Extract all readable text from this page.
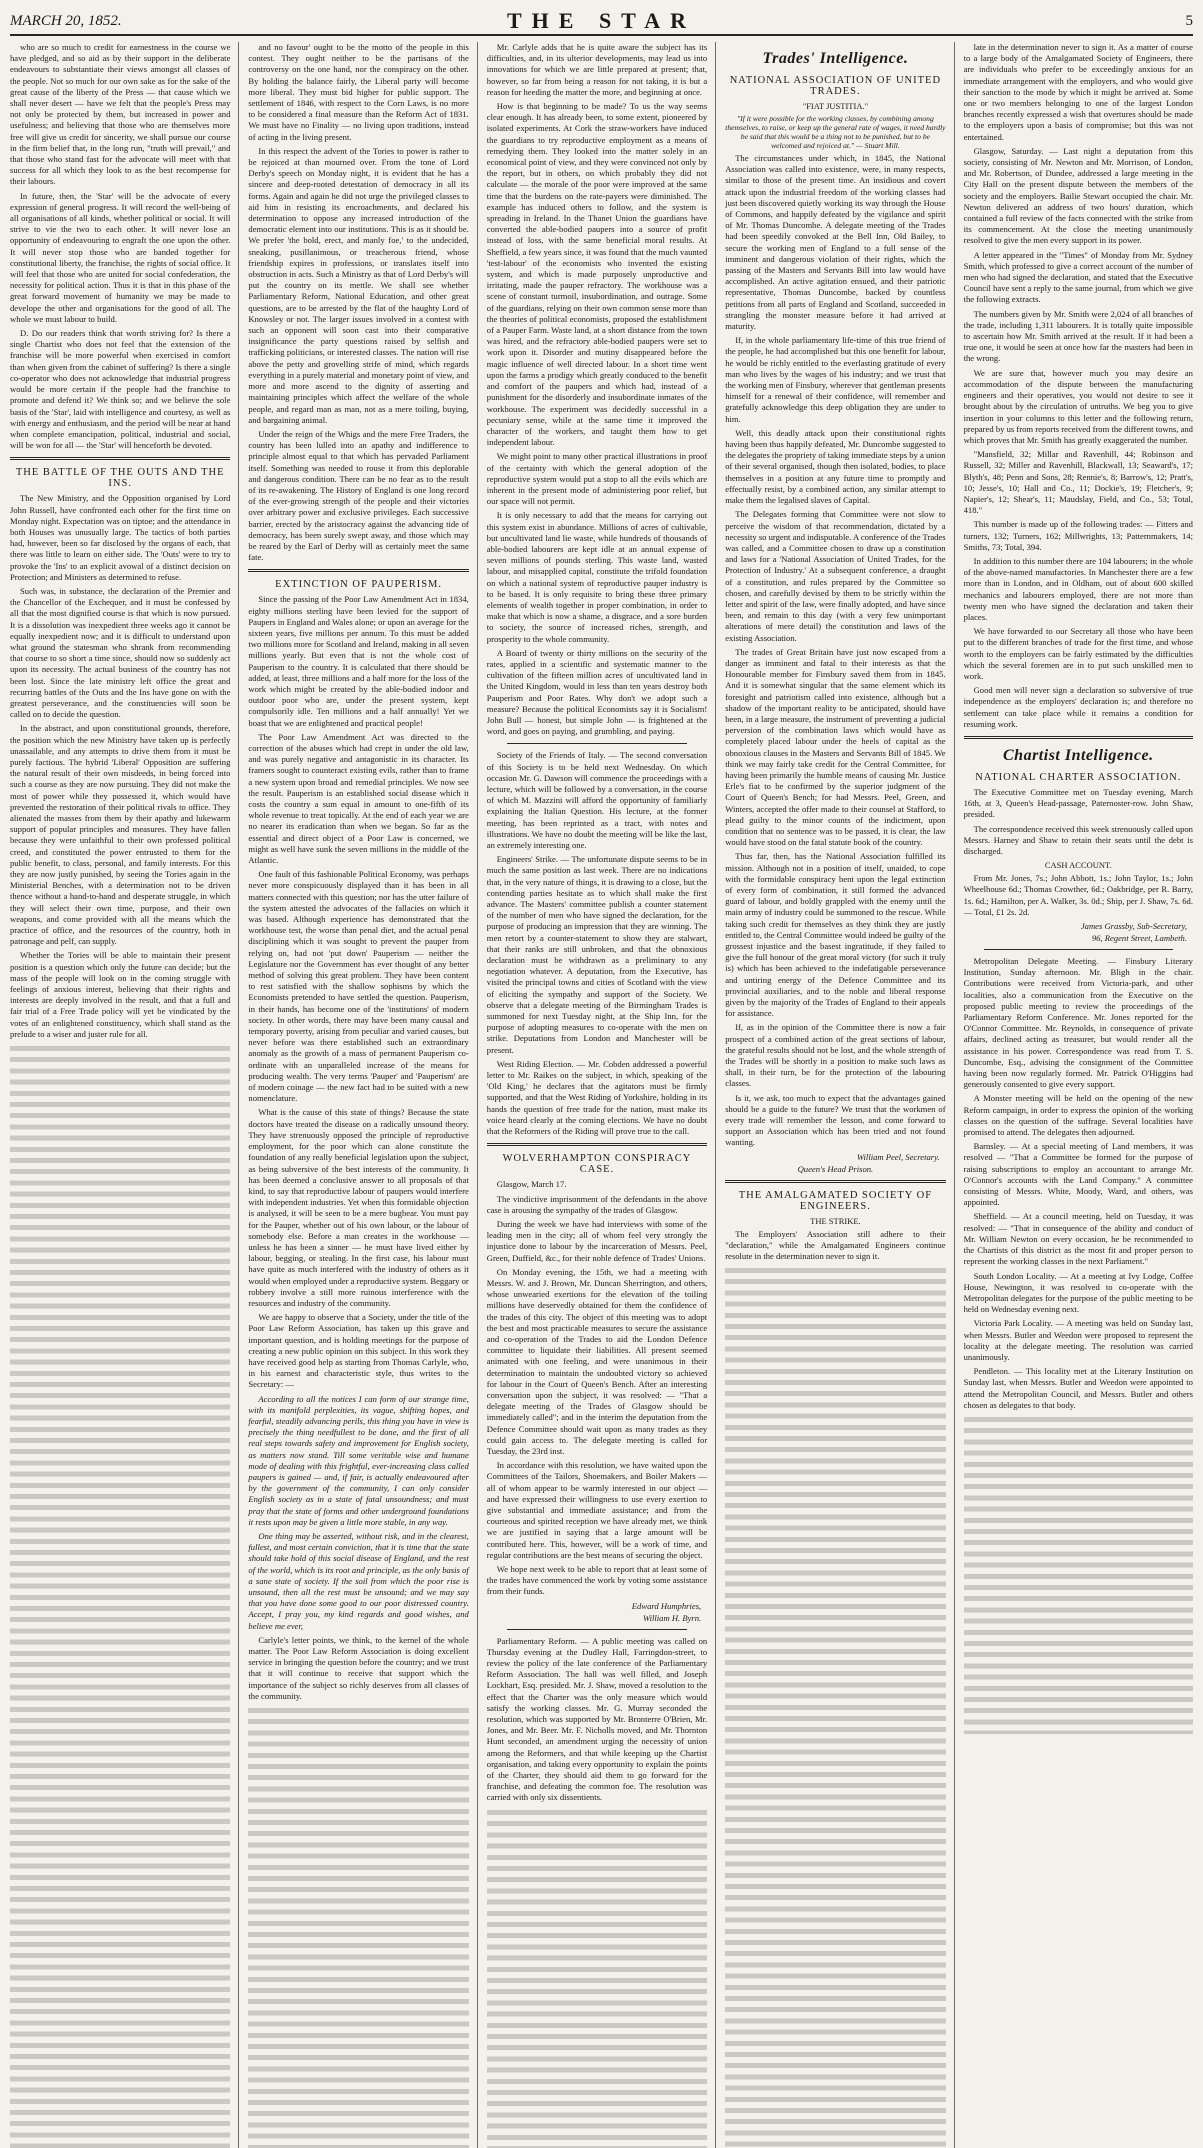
MARCH 20, 1852.	THE STAR	5

who are so much to credit for earnestness in the course we have pledged, and so aid as by their support in the deliberate endeavours to substantiate their views amongst all classes of the people. Not so much for our own sake as for the sake of the great cause of the liberty of the Press — that cause which we shall never desert — have we felt that the people's Press may not only be protected by them, but increased in power and usefulness; and believing that those who are themselves more free will give us credit for sincerity, we shall pursue our course in the firm belief that, in the long run, "truth will prevail," and that those who stand fast for the advocate will meet with that success for all which they look to as the best recompense for their labours.

In future, then, the 'Star' will be the advocate of every expression of general progress. It will record the well-being of all organisations of all kinds, whether political or social. It will strive to vie the two to each other. It will never lose an opportunity of endeavouring to engraft the one upon the other. It will never stop those who are banded together for constitutional liberty, the franchise, the rights of social office. It will feel that those who are united for social confederation, the necessity for political action. Thus it is that in this phase of the great forward movement of humanity we may be made to develope the other and organisations for the good of all. The whole we must labour to build.

D. Do our readers think that worth striving for? Is there a single Chartist who does not feel that the extension of the franchise will be more powerful when exercised in comfort than when given from the cabinet of suffering? Is there a single co-operator who does not acknowledge that industrial progress would be more certain if the people had the franchise to promote and defend it? We think so; and we believe the sole basis of the 'Star', laid with intelligence and courtesy, as well as with energy and enthusiasm, and the period will be near at hand when complete emancipation, political, industrial and social, will be won for all — the 'Star' will henceforth be devoted.

THE BATTLE OF THE OUTS AND THE INS.

The New Ministry, and the Opposition organised by Lord John Russell, have confronted each other for the first time on Monday night. Expectation was on tiptoe; and the attendance in both Houses was unusually large. The tactics of both parties had, however, been so far disclosed by the organs of each, that there was little to learn on either side. The 'Outs' were to try to provoke the 'Ins' to an explicit avowal of a distinct decision on Protection; and Ministers as determined to refuse.

Such was, in substance, the declaration of the Premier and the Chancellor of the Exchequer, and it must be confessed by all that the most dignified course is that which is now pursued. It is a dissolution was inexpedient three weeks ago it cannot be equally inexpedient now; and it is difficult to understand upon what ground the statesman who shrank from recommending that course to so short a time since, should now so suddenly act upon its necessity. The actual business of the country has not been lost. Since the late ministry left office the great and recurring battles of the Outs and the Ins have gone on with the greatest perseverance, and the constituencies will soon be called on to decide the question.

In the abstract, and upon constitutional grounds, therefore, the position which the new Ministry have taken up is perfectly unassailable, and any attempts to drive them from it must be purely factious. The hybrid 'Liberal' Opposition are suffering the natural result of their own misdeeds, in being forced into such a course as they are now pursuing. They did not make the most of power while they possessed it, which would have prevented the restoration of their political rivals to office. They alienated the masses from them by their apathy and lukewarm support of popular principles and measures. They have fallen because they were unfaithful to their own professed political creed, and constituted the power entrusted to them for the public benefit, to class, personal, and family interests. For this they are now justly punished, by seeing the Tories again in the Ministerial Benches, with a determination not to be driven thence without a hand-to-hand and desperate struggle, in which they will select their own time, purpose, and their own weapons, and come provided with all the means which the practice of office, and the resources of the country, both in patronage and pelf, can supply.

Whether the Tories will be able to maintain their present position is a question which only the future can decide; but the mass of the people will look on in the coming struggle with feelings of anxious interest, believing that their rights and interests are deeply involved in the result, and that a full and fair trial of a Free Trade policy will yet be vindicated by the votes of an enlightened constituency, which shall stand as the prelude to a wiser and juster rule for all.

and no favour' ought to be the motto of the people in this contest. They ought neither to be the partisans of the controversy on the one hand, nor the conspiracy on the other. By holding the balance fairly, the Liberal party will become more liberal. They must bid higher for public support. The settlement of 1846, with respect to the Corn Laws, is no more to be considered a final measure than the Reform Act of 1831. We must have no Finality — no living upon traditions, instead of acting in the living present.

In this respect the advent of the Tories to power is rather to be rejoiced at than mourned over. From the tone of Lord Derby's speech on Monday night, it is evident that he has a sincere and deep-rooted detestation of democracy in all its forms. Again and again he did not urge the privileged classes to aid him in resisting its encroachments, and declared his determination to oppose any increased introduction of the democratic element into our institutions. This is as it should be. We prefer 'the bold, erect, and manly foe,' to the undecided, sneaking, pusillanimous, or treacherous friend, whose friendship expires in professions, or translates itself into obstruction in acts. Such a Ministry as that of Lord Derby's will put the country on its mettle. We shall see whether Parliamentary Reform, National Education, and other great questions, are to be arrested by the flat of the haughty Lord of Knowsley or not. The larger issues involved in a contest with such an opponent will soon cast into their comparative insignificance the party questions raised by selfish and trafficking politicians, or interested classes. The nation will rise above the petty and grovelling strife of mind, which regards everything in a purely material and monetary point of view, and more and more ascend to the dignity of asserting and maintaining principles which affect the welfare of the whole people, and regard man as man, not as a mere toiling, buying, and bargaining animal.

Under the reign of the Whigs and the mere Free Traders, the country has been lulled into an apathy and indifference to principle almost equal to that which has pervaded Parliament itself. Something was needed to rouse it from this deplorable and dangerous condition. There can be no fear as to the result of its re-awakening. The History of England is one long record of the ever-growing strength of the people and their victories over arbitrary power and exclusive privileges. Each successive barrier, erected by the aristocracy against the advancing tide of democracy, has been surely swept away, and those which may be reared by the Earl of Derby will as certainly meet the same fate.

EXTINCTION OF PAUPERISM.

Since the passing of the Poor Law Amendment Act in 1834, eighty millions sterling have been levied for the support of Paupers in England and Wales alone; or upon an average for the sixteen years, five millions per annum. To this must be added two millions more for Scotland and Ireland, making in all seven millions yearly. But even that is not the whole cost of Pauperism to the country. It is calculated that there should be added, at least, three millions and a half more for the loss of the work which might be created by the able-bodied indoor and outdoor poor who are, under the present system, kept compulsorily idle. Ten millions and a half annually! Yet we boast that we are enlightened and practical people!

The Poor Law Amendment Act was directed to the correction of the abuses which had crept in under the old law, and was purely negative and antagonistic in its character. Its framers sought to counteract existing evils, rather than to frame a new system upon broad and remedial principles. We now see the result. Pauperism is an established social disease which it costs the country a sum equal in amount to one-fifth of its whole revenue to treat topically. At the end of each year we are no nearer its eradication than when we began. So far as the essential and direct object of a Poor Law is concerned, we might as well have sunk the seven millions in the middle of the Atlantic.

One fault of this fashionable Political Economy, was perhaps never more conspicuously displayed than it has been in all matters connected with this question; nor has the utter failure of the system attested the advocates of the fallacies on which it was based. Although experience has demonstrated that the workhouse test, the worse than penal diet, and the actual penal disciplining which it was sought to prevent the pauper from relying on, had not 'put down' Pauperism — neither the Legislature nor the Government has ever thought of any better method of solving this great problem. They have been content to rest satisfied with the shallow sophisms by which the Economists pretended to have settled the question. Pauperism, in their hands, has become one of the 'institutions' of modern society. In other words, there may have been many causal and temporary poverty, arising from peculiar and varied causes, but never before was there established such an extraordinary anomaly as the growth of a mass of permanent Pauperism co-ordinate with an unparalleled increase of the means for producing wealth. The very terms 'Pauper' and 'Pauperism' are of modern coinage — the new fact had to be suited with a new nomenclature.

What is the cause of this state of things? Because the state doctors have treated the disease on a radically unsound theory. They have strenuously opposed the principle of reproductive employment, for the poor which can alone constitute the foundation of any really beneficial legislation upon the subject, as being subversive of the best interests of the community. It has been deemed a conclusive answer to all proposals of that kind, to say that reproductive labour of paupers would interfere with independent industries. Yet when this formidable objection is analysed, it will be seen to be a mere bugbear. You must pay for the Pauper, whether out of his own labour, or the labour of somebody else. Before a man creates in the workhouse — unless he has been a sinner — he must have lived either by labour, begging, or stealing. In the first case, his labour must have quite as much interfered with the industry of others as it would when employed under a reproductive system. Beggary or robbery involve a still more ruinous interference with the resources and industry of the community.

We are happy to observe that a Society, under the title of the Poor Law Reform Association, has taken up this grave and important question, and is holding meetings for the purpose of creating a new public opinion on this subject. In this work they have received good help as starting from Thomas Carlyle, who, in his earnest and characteristic style, thus writes to the Secretary: —

According to all the notices I can form of our strange time, with its manifold perplexities, its vague, shifting hopes, and fearful, steadily advancing perils, this thing you have in view is precisely the thing needfullest to be done, and the first of all real steps towards safety and improvement for English society, as matters now stand. Till some veritable wise and humane mode of dealing with this frightful, ever-increasing class called paupers is gained — and, if fair, is actually endeavoured after by the government of the community, I can only consider English society as in a state of fatal unsoundness; and must pray that the state of forms and other underground foundations it rests upon may be given a little more stable, in any way.

One thing may be asserted, without risk, and in the clearest, fullest, and most certain conviction, that it is time that the state should take hold of this social disease of England, and the rest of the world, which is its root and principle, as the only basis of a sane state of society. If the soil from which the poor rise is unsound, then all the rest must be unsound; and we may say that you have done some good to our poor distressed country. Accept, I pray you, my kind regards and good wishes, and believe me ever,

Carlyle's letter points, we think, to the kernel of the whole matter. The Poor Law Reform Association is doing excellent service in bringing the question before the country; and we trust that it will continue to receive that support which the importance of the subject so richly deserves from all classes of the community.

Mr. Carlyle adds that he is quite aware the subject has its difficulties, and, in its ulterior developments, may lead us into innovations for which we are little prepared at present; that, however, so far from being a reason for not taking, it is but a reason for heeding the matter the more, and beginning at once.

How is that beginning to be made? To us the way seems clear enough. It has already been, to some extent, pioneered by isolated experiments. At Cork the straw-workers have induced the guardians to try reproductive employment as a means of remedying them. They looked into the matter solely in an economical point of view, and they were convinced not only by the report, but in others, on which probably they did not calculate — the morale of the poor were improved at the same time that the burdens on the rate-payers were diminished. The example has induced others to follow, and the system is spreading in Ireland. In the Thanet Union the guardians have converted the able-bodied paupers into a source of profit instead of loss, with the same beneficial moral results. At Sheffield, a few years since, it was found that the much vaunted 'test-labour' of the economists who invented the existing system, and which is made purposely unproductive and irritating, made the pauper refractory. The workhouse was a scene of constant turmoil, insubordination, and outrage. Some of the guardians, relying on their own common sense more than the theories of political economists, proposed the establishment of a Pauper Farm. Waste land, at a short distance from the town was hired, and the refractory able-bodied paupers were set to work upon it. Disorder and mutiny disappeared before the magic influence of well directed labour. In a short time went upon the farms a prodigy which greatly conduced to the benefit and comfort of the paupers and which had, instead of a punishment for the disorderly and insubordinate inmates of the workhouse. The experiment was decidedly successful in a pecuniary sense, while at the same time it improved the character of the workers, and taught them how to get independent labour.

We might point to many other practical illustrations in proof of the certainty with which the general adoption of the reproductive system would put a stop to all the evils which are inherent in the present mode of administering poor relief, but our space will not permit.

It is only necessary to add that the means for carrying out this system exist in abundance. Millions of acres of cultivable, but uncultivated land lie waste, while hundreds of thousands of able-bodied labourers are kept idle at an annual expense of seven millions of pounds sterling. This waste land, wasted labour, and misapplied capital, constitute the trifold foundation on which a national system of reproductive pauper industry is to be based. It is only requisite to bring these three primary elements of wealth together in proper combination, in order to make that which is now a shame, a disgrace, and a sore burden to society, the source of increased riches, strength, and prosperity to the whole community.

A Board of twenty or thirty millions on the security of the rates, applied in a scientific and systematic manner to the cultivation of the fifteen million acres of uncultivated land in the United Kingdom, would in less than ten years destroy both Pauperism and Poor Rates. Why don't we adopt such a measure? Because the political Economists say it is Socialism! John Bull — honest, but simple John — is frightened at the word, and goes on paying, and grumbling, and paying.

Society of the Friends of Italy. — The second conversation of this Society is to be held next Wednesday. On which occasion Mr. G. Dawson will commence the proceedings with a lecture, which will be followed by a conversation, in the course of which M. Mazzini will afford the opportunity of familiarly explaining the Italian Question. His lecture, at the former meeting, has been reprinted as a tract, with notes and illustrations. We have no doubt the meeting will be like the last, an extremely interesting one.

Engineers' Strike. — The unfortunate dispute seems to be in much the same position as last week. There are no indications that, in the very nature of things, it is drawing to a close, but the contending parties hesitate as to which shall make the first advance. The Masters' committee publish a counter statement of the number of men who have signed the declaration, for the purpose of producing an impression that they are winning. The men retort by a counter-statement to show they are stalwart, that their ranks are still unbroken, and that the obnoxious declaration must be withdrawn as a preliminary to any negotiation whatever. A deputation, from the Executive, has visited the principal towns and cities of Scotland with the view of eliciting the sympathy and support of the Society. We observe that a delegate meeting of the Birmingham Trades is summoned for next Tuesday night, at the Ship Inn, for the purpose of adopting measures to co-operate with the men on strike. Deputations from London and Manchester will be present.

West Riding Election. — Mr. Cobden addressed a powerful letter to Mr. Raikes on the subject, in which, speaking of the 'Old King,' he declares that the agitators must be firmly supported, and that the West Riding of Yorkshire, holding in its hands the question of free trade for the nation, must make its voice heard clearly at the coming elections. We have no doubt that the Reformers of the Riding will prove true to the call.

WOLVERHAMPTON CONSPIRACY CASE.

Glasgow, March 17.

The vindictive imprisonment of the defendants in the above case is arousing the sympathy of the trades of Glasgow.

During the week we have had interviews with some of the leading men in the city; all of whom feel very strongly the injustice done to labour by the incarceration of Messrs. Peel, Green, Duffield, &c., for their noble defence of Trades' Unions.

On Monday evening, the 15th, we had a meeting with Messrs. W. and J. Brown, Mr. Duncan Sherrington, and others, whose unwearied exertions for the elevation of the toiling millions have deservedly obtained for them the confidence of the trades of this city. The object of this meeting was to adopt the best and most practicable measures to secure the assistance and co-operation of the Trades to aid the London Defence committee to liquidate their liabilities. All present seemed animated with one feeling, and were unanimous in their determination to maintain the undoubted victory so achieved for labour in the Court of Queen's Bench. After an interesting conversation upon the subject, it was resolved: — "That a delegate meeting of the Trades of Glasgow should be immediately called"; and in the interim the deputation from the Defence Committee should wait upon as many trades as they could gain access to. The delegate meeting is called for Tuesday, the 23rd inst.

In accordance with this resolution, we have waited upon the Committees of the Tailors, Shoemakers, and Boiler Makers — all of whom appear to be warmly interested in our object — and have expressed their willingness to use every exertion to give substantial and immediate assistance; and from the courteous and spirited reception we have already met, we think we are justified in saying that a large amount will be contributed here. This, however, will be a work of time, and regular contributions are the best means of securing the object.

We hope next week to be able to report that at least some of the trades have commenced the work by voting some assistance from their funds.

Edward Humphries,
William H. Byrn.

Parliamentary Reform. — A public meeting was called on Thursday evening at the Dudley Hall, Farringdon-street, to review the policy of the late conference of the Parliamentary Reform Association. The hall was well filled, and Joseph Lockhart, Esq. presided. Mr. J. Shaw, moved a resolution to the effect that the Charter was the only measure which would satisfy the working classes. Mr. G. Murray seconded the resolution, which was supported by Mr. Bronterre O'Brien, Mr. Jones, and Mr. Beer. Mr. F. Nicholls moved, and Mr. Thornton Hunt seconded, an amendment urging the necessity of union among the Reformers, and that while keeping up the Chartist organisation, and taking every opportunity to explain the points of the Charter, they should aid them to go forward for the franchise, and defeating the common foe. The resolution was carried with only six dissentients.

Trades' Intelligence.
NATIONAL ASSOCIATION OF UNITED TRADES.
"FIAT JUSTITIA."
"If it were possible for the working classes, by combining among themselves, to raise, or keep up the general rate of wages, it need hardly be said that this would be a thing not to be punished, but to be welcomed and rejoiced at." — Stuart Mill.

The circumstances under which, in 1845, the National Association was called into existence, were, in many respects, similar to those of the present time. An insidious and covert attack upon the industrial freedom of the working classes had just been discovered quietly working its way through the House of Commons, and happily defeated by the vigilance and spirit of Mr. Thomas Duncombe. A delegate meeting of the Trades had been speedily convoked at the Bell Inn, Old Bailey, to secure the working men of England to a full sense of the imminent and dangerous violation of their rights, which the passing of the Masters and Servants Bill into law would have accomplished. An active agitation ensued, and their patriotic representative, Thomas Duncombe, backed by countless petitions from all parts of England and Scotland, succeeded in strangling the monster measure before it had arrived at maturity.

If, in the whole parliamentary life-time of this true friend of the people, he had accomplished but this one benefit for labour, he would be richly entitled to the everlasting gratitude of every man who lives by the wages of his industry; and we trust that the working men of Finsbury, wherever that gentleman presents himself for a renewal of their confidence, will remember and gratefully acknowledge this deep obligation they are under to him.

Well, this deadly attack upon their constitutional rights having been thus happily defeated, Mr. Duncombe suggested to the delegates the propriety of taking immediate steps by a union of their several organised, though then isolated, bodies, to place themselves in a position at any future time to promptly and effectually resist, by a combined action, any similar attempt to make them the legalised slaves of Capital.

The Delegates forming that Committee were not slow to perceive the wisdom of that recommendation, dictated by a necessity so urgent and indisputable. A conference of the Trades was called, and a Committee chosen to draw up a constitution and laws for a 'National Association of United Trades, for the Protection of Industry.' At a subsequent conference, a draught of a constitution, and rules prepared by the Committee so chosen, and carefully devised by them to be strictly within the letter and spirit of the law, were finally adopted, and have since been, and remain to this day (with a very few unimportant alterations of mere detail) the constitution and laws of the existing Association.

The trades of Great Britain have just now escaped from a danger as imminent and fatal to their interests as that the Honourable member for Finsbury saved them from in 1845. And it is somewhat singular that the same element which its foresight and patriotism called into existence, although but a shadow of the important reality to be anticipated, should have been, in a large measure, the instrument of preventing a judicial perversion of the combination laws which would have as completely placed labour under the heels of capital as the obnoxious clauses in the Masters and Servants Bill of 1845. We think we may fairly take credit for the Central Committee, for having been primarily the humble means of causing Mr. Justice Erle's fiat to be confirmed by the superior judgment of the Court of Queen's Bench; for had Messrs. Peel, Green, and Winters, accepted the offer made to their counsel at Stafford, to plead guilty to the minor counts of the indictment, upon condition that no sentence was to be passed, it is clear, the law would have stood on the fatal statute book of the country.

Thus far, then, has the National Association fulfilled its mission. Although not in a position of itself, unaided, to cope with the formidable conspiracy bent upon the legal extinction of every form of combination, it still formed the advanced guard of labour, and boldly grappled with the enemy until the main army of industry could be summoned to the rescue. While taking such credit for themselves as they think they are justly entitled to, the Central Committee would indeed be guilty of the grossest injustice and the basest ingratitude, if they failed to give the full honour of the great moral victory (for such it truly is) which has been achieved to the indefatigable perseverance and untiring energy of the Defence Committee and its provincial auxiliaries, and to the noble and liberal response given by the majority of the Trades of England to their appeals for assistance.

If, as in the opinion of the Committee there is now a fair prospect of a combined action of the great sections of labour, the grateful results should not be lost, and the whole strength of the Trades will be shortly in a position to make such laws as shall, in their turn, be for the protection of the labouring classes.

Is it, we ask, too much to expect that the advantages gained should be a guide to the future? We trust that the workmen of every trade will remember the lesson, and come forward to support an Association which has been tried and not found wanting.

William Peel, Secretary.
Queen's Head Prison.
THE AMALGAMATED SOCIETY OF ENGINEERS.
THE STRIKE.

The Employers' Association still adhere to their "declaration," while the Amalgamated Engineers continue resolute in the determination never to sign it.

late in the determination never to sign it. As a matter of course to a large body of the Amalgamated Society of Engineers, there are individuals who prefer to be exceedingly anxious for an immediate arrangement with the employers, and who would give their sanction to the mode by which it might be arrived at. Some one or two members belonging to one of the largest London branches recently expressed a wish that overtures should be made to the employers upon a basis of compromise; but this was not entertained.

Glasgow, Saturday. — Last night a deputation from this society, consisting of Mr. Newton and Mr. Morrison, of London, and Mr. Robertson, of Dundee, addressed a large meeting in the City Hall on the present dispute between the members of the society and the employers. Bailie Stewart occupied the chair. Mr. Newton delivered an address of two hours' duration, which contained a full review of the facts connected with the strike from its commencement. At the close the meeting unanimously resolved to give the men every support in its power.

A letter appeared in the "Times" of Monday from Mr. Sydney Smith, which professed to give a correct account of the number of men who had signed the declaration, and stated that the Executive Council have sent a reply to the same journal, from which we give the following extracts.

The numbers given by Mr. Smith were 2,024 of all branches of the trade, including 1,311 labourers. It is totally quite impossible to ascertain how Mr. Smith arrived at the result. If it had been a true one, it would be seen at once how far the masters had been in the wrong.

We are sure that, however much you may desire an accommodation of the dispute between the manufacturing engineers and their operatives, you would not desire to see it brought about by the circulation of untruths. We beg you to give insertion in your columns to this letter and the following return, prepared by us from reports received from the different towns, and which proves that Mr. Smith has greatly exaggerated the number.

"Mansfield, 32; Millar and Ravenhill, 44; Robinson and Russell, 32; Miller and Ravenhill, Blackwall, 13; Seaward's, 17; Blyth's, 48; Penn and Sons, 28; Rennie's, 8; Barrow's, 12; Pratt's, 10; Jesse's, 10; Hall and Co., 11; Dockie's, 19; Fletcher's, 9; Napier's, 12; Shear's, 11; Maudslay, Field, and Co., 53; Total, 418."

This number is made up of the following trades: — Fitters and turners, 132; Turners, 162; Millwrights, 13; Patternmakers, 14; Smiths, 73; Total, 394.

In addition to this number there are 104 labourers; in the whole of the above-named manufactories. In Manchester there are a few more than in London, and in Oldham, out of about 600 skilled mechanics and labourers employed, there are not more than twenty men who have signed the declaration and taken their places.

We have forwarded to our Secretary all those who have been put to the different branches of trade for the first time, and whose worth to the employers can be fairly estimated by the difficulties which the several foremen are in to put such unskilled men to work.

Good men will never sign a declaration so subversive of true independence as the employers' declaration is; and therefore no settlement can take place while it remains a condition for resuming work.

Chartist Intelligence.
NATIONAL CHARTER ASSOCIATION.

The Executive Committee met on Tuesday evening, March 16th, at 3, Queen's Head-passage, Paternoster-row. John Shaw, presided.

The correspondence received this week strenuously called upon Messrs. Harney and Shaw to retain their seats until the debt is discharged.

CASH ACCOUNT.

From Mr. Jones, 7s.; John Abbott, 1s.; John Taylor, 1s.; John Wheelhouse 6d.; Thomas Crowther, 6d.; Oakbridge, per R. Barry, 1s. 6d.; Hamilton, per A. Walker, 3s. 0d.; Ship, per J. Shaw, 7s. 6d. — Total, £1 2s. 2d.

James Grassby, Sub-Secretary,
96, Regent Street, Lambeth.

Metropolitan Delegate Meeting. — Finsbury Literary Institution, Sunday afternoon. Mr. Bligh in the chair. Contributions were received from Victoria-park, and other localities, also a communication from the Executive on the proposed public meeting to review the proceedings of the Parliamentary Reform Conference. Mr. Jones reported for the O'Connor Committee. Mr. Reynolds, in consequence of private affairs, declined acting as treasurer, but would render all the assistance in his power. Correspondence was read from T. S. Duncombe, Esq., advising the consignment of the Committee having been now regularly formed. Mr. Patrick O'Higgins had generously consented to give every support.

A Monster meeting will be held on the opening of the new Reform campaign, in order to express the opinion of the working classes on the question of the suffrage. Several localities have promised to attend. The delegates then adjourned.

Barnsley. — At a special meeting of Land members, it was resolved — "That a Committee be formed for the purpose of raising subscriptions to employ an accountant to arrange Mr. O'Connor's accounts with the Land Company." A committee consisting of Messrs. White, Moody, Ward, and others, was appointed.

Sheffield. — At a council meeting, held on Tuesday, it was resolved: — "That in consequence of the ability and conduct of Mr. William Newton on every occasion, he be recommended to the Chartists of this district as the most fit and proper person to represent the working classes in the next Parliament."

South London Locality. — At a meeting at Ivy Lodge, Coffee House, Newington, it was resolved to co-operate with the Metropolitan delegates for the purpose of the public meeting to be held on Wednesday evening next.

Victoria Park Locality. — A meeting was held on Sunday last, when Messrs. Butler and Weedon were proposed to represent the locality at the delegate meeting. The resolution was carried unanimously.

Pendleton. — This locality met at the Literary Institution on Sunday last, when Messrs. Butler and Weedon were appointed to attend the Metropolitan Council, and Messrs. Butler and others chosen as delegates to that body.
